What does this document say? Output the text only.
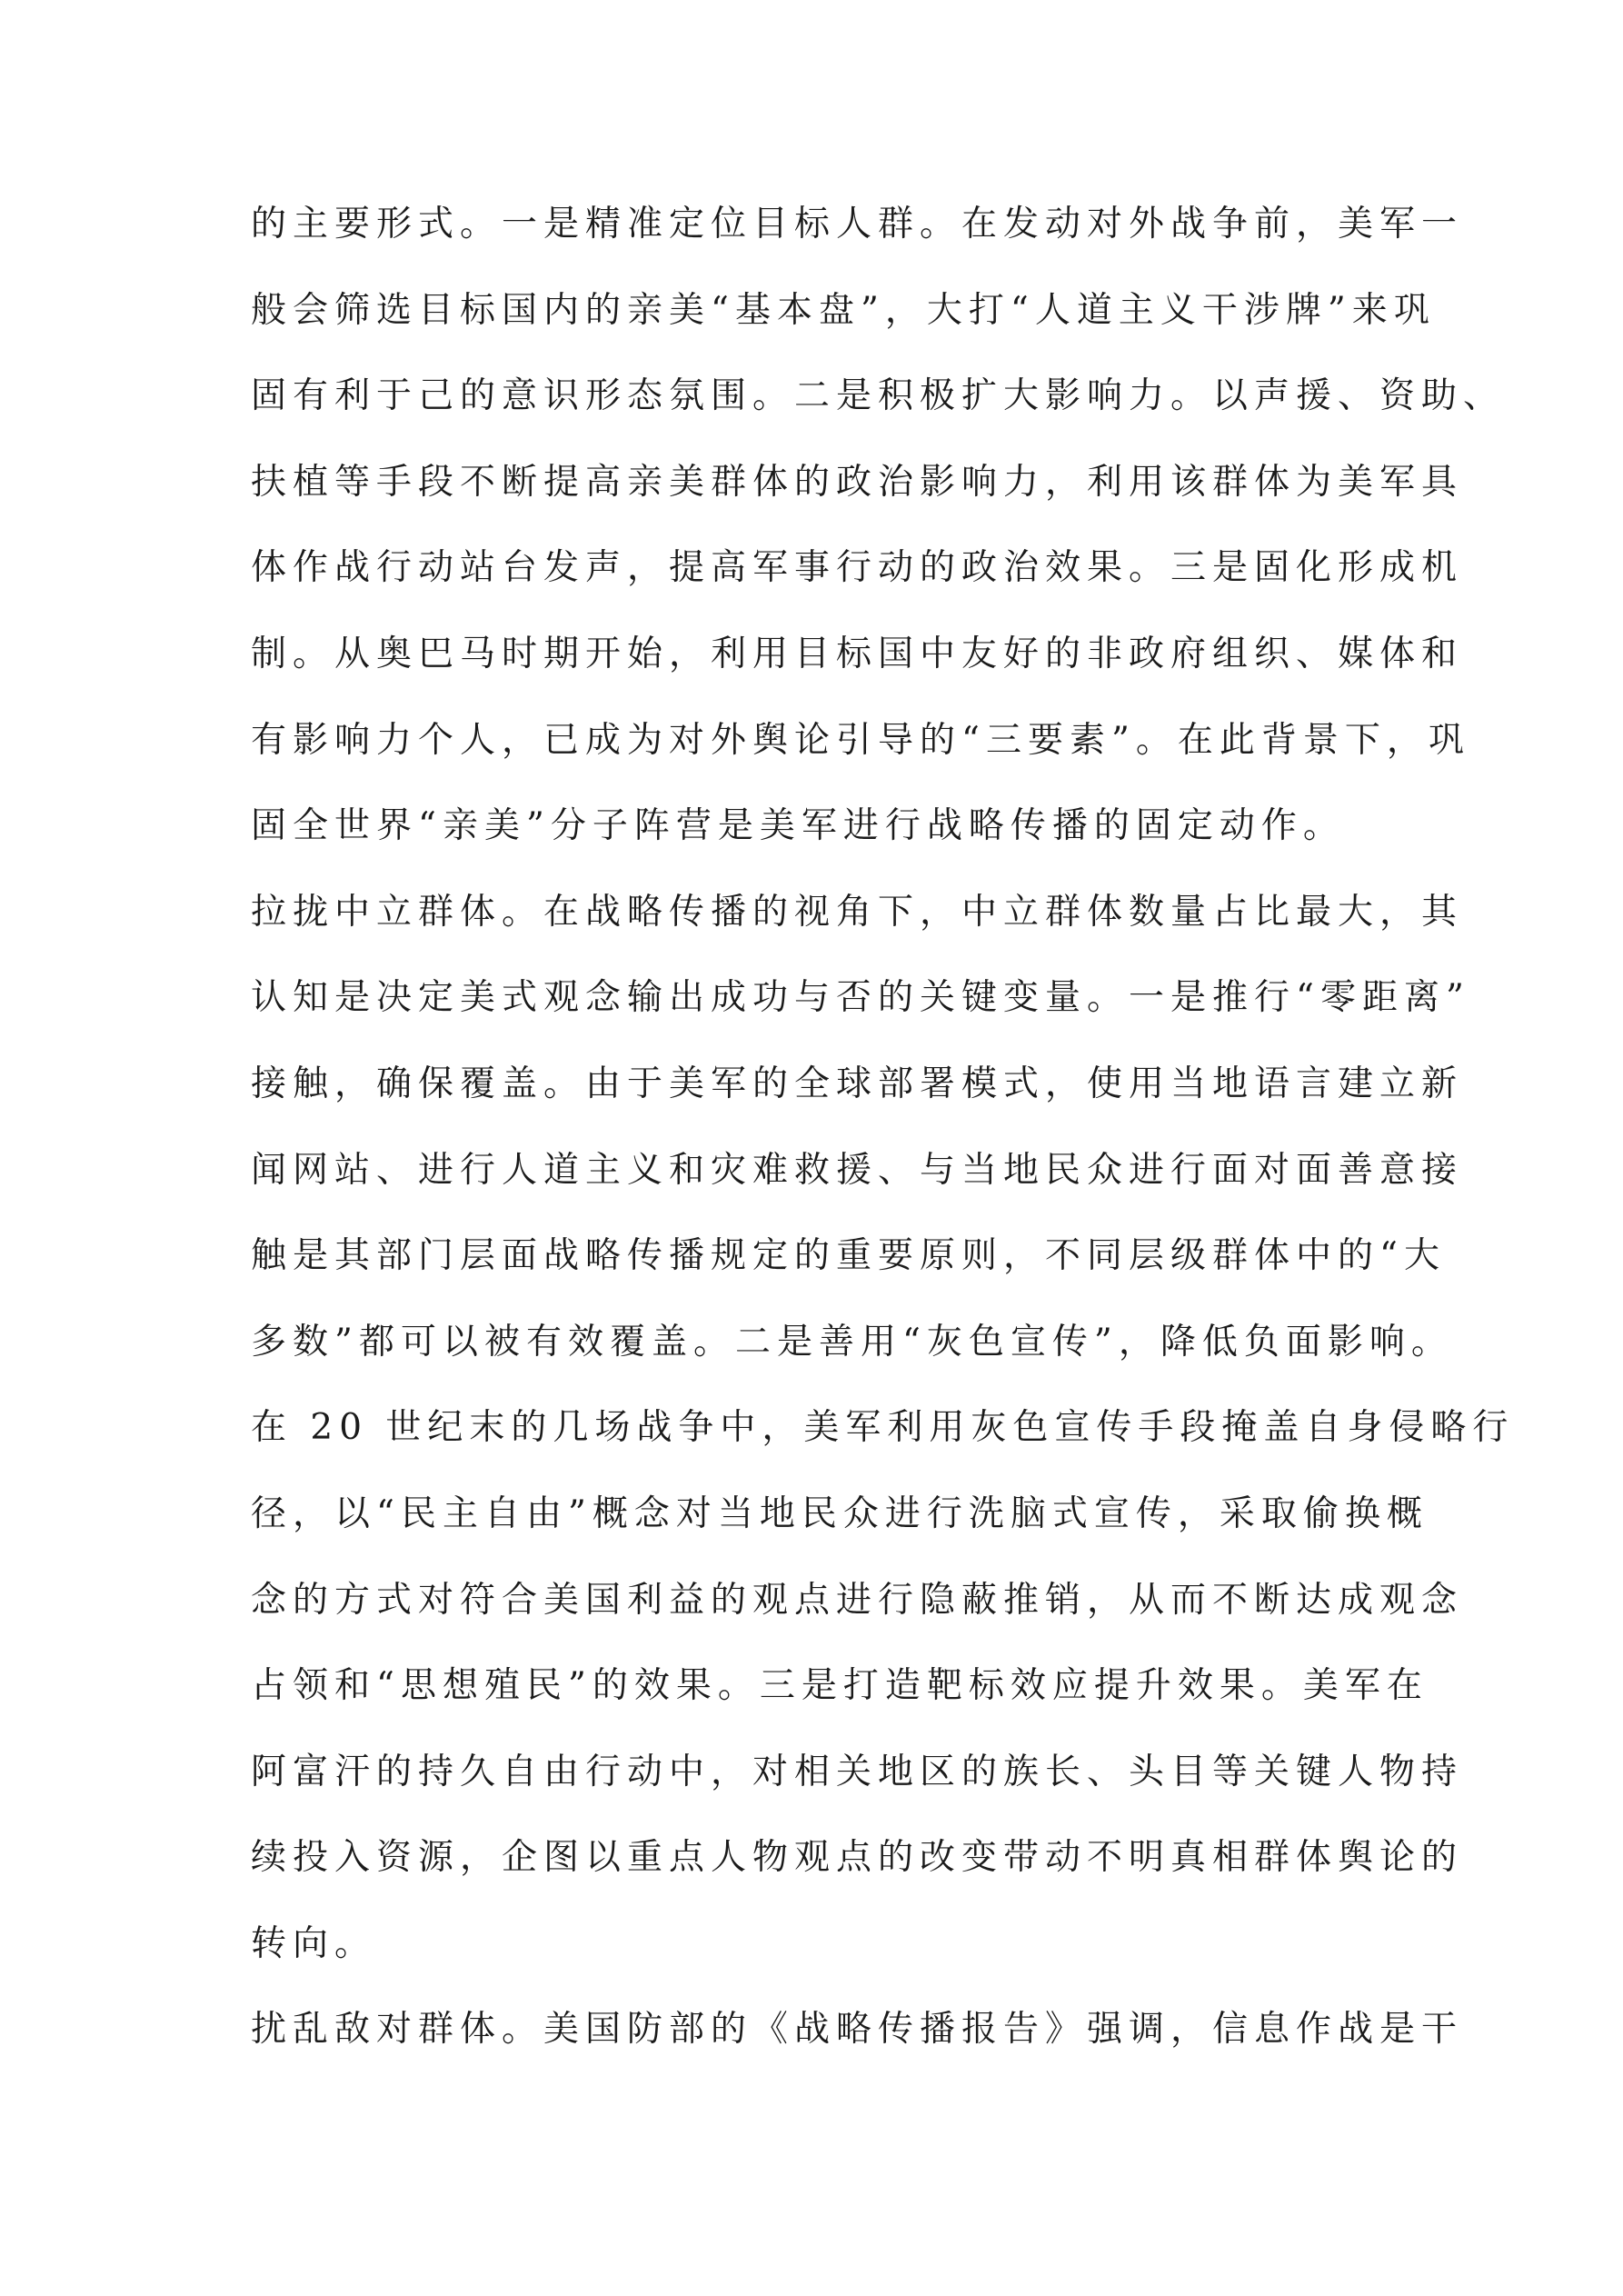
的主要形式。一是精准定位目标人群。在发动对外战争前，美军一
般会筛选目标国内的亲美“基本盘”，大打“人道主义干涉牌”来巩
固有利于己的意识形态氛围。二是积极扩大影响力。以声援、资助、
扶植等手段不断提高亲美群体的政治影响力，利用该群体为美军具
体作战行动站台发声，提高军事行动的政治效果。三是固化形成机
制。从奥巴马时期开始，利用目标国中友好的非政府组织、媒体和
有影响力个人，已成为对外舆论引导的“三要素”。在此背景下，巩
固全世界“亲美”分子阵营是美军进行战略传播的固定动作。
拉拢中立群体。在战略传播的视角下，中立群体数量占比最大，其
认知是决定美式观念输出成功与否的关键变量。一是推行“零距离”
接触，确保覆盖。由于美军的全球部署模式，使用当地语言建立新
闻网站、进行人道主义和灾难救援、与当地民众进行面对面善意接
触是其部门层面战略传播规定的重要原则，不同层级群体中的“大
多数”都可以被有效覆盖。二是善用“灰色宣传”，降低负面影响。
在 20 世纪末的几场战争中，美军利用灰色宣传手段掩盖自身侵略行
径，以“民主自由”概念对当地民众进行洗脑式宣传，采取偷换概
念的方式对符合美国利益的观点进行隐蔽推销，从而不断达成观念
占领和“思想殖民”的效果。三是打造靶标效应提升效果。美军在
阿富汗的持久自由行动中，对相关地区的族长、头目等关键人物持
续投入资源，企图以重点人物观点的改变带动不明真相群体舆论的
转向。
扰乱敌对群体。美国防部的《战略传播报告》强调，信息作战是干
